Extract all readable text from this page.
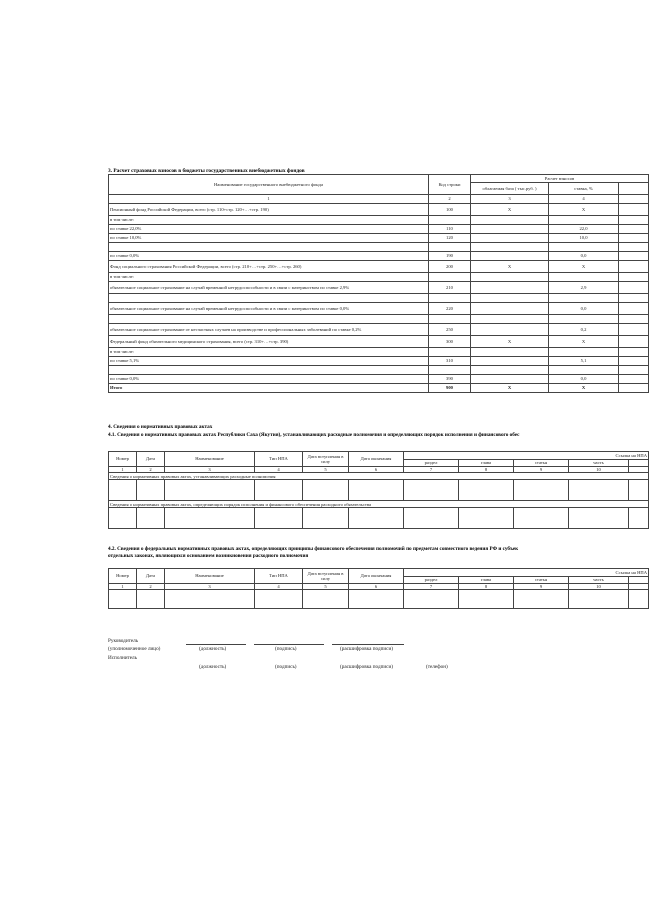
3. Расчет страховых взносов в бюджеты государственных внебюджетных фондов
Наименование государственного внебюджетного фонда	Код строки	Расчет взносов		
		облагаемая база ( тыс.руб. )	ставка, %	
1	2	3	4	
Пенсионный фонд Российской Федерации, всего (стр. 110+стр. 120+…+стр. 190)	100	X	X	
в том числе:				
по ставке 22,0%	110		22,0	
по ставке 10,0%	120		10,0	

по ставке 0,0%	190		0,0	
Фонд социального страхования Российской Федерации, всего (стр. 210+…+стр. 250+…+стр. 260)	200	X	X	
в том числе:				
обязательное социальное страхование на случай временной нетрудоспособности и в связи с материнством по ставке 2,9%	210		2,9	

обязательное социальное страхование на случай временной нетрудоспособности и в связи с материнством по ставке 0,0%	220		0,0	

обязательное социальное страхование от несчастных случаев на производстве и профессиональных заболеваний по ставке 0,2%	250		0,2	
Федеральный фонд обязательного медицинского страхования, всего (стр. 310+…+стр. 390)	300	X	X	
в том числе:				
по ставке 5,1%	310		5,1	

по ставке 0,0%	390		0,0	
Итого	900	X	X	
4. Сведения о нормативных правовых актах
4.1. Сведения о нормативных правовых актах Республики Саха (Якутия), устанавливающих расходные полномочия и определяющих порядок исполнения и финансового обес
Номер	Дата	Наименование	Тип НПА	Дата вступления в силу	Дата окончания	Ссылка на НПА				
						раздел	глава	статья	часть	
1	2	3	4	5	6	7	8	9	10	
Сведения о нормативных правовых актах, устанавливающих расходные полномочия										

Сведения о нормативных правовых актах, определяющих порядок исполнения и финансового обеспечения расходного обязательства										

4.2. Сведения о федеральных нормативных правовых актах, определяющих принципы финансового обеспечения полномочий по предметам совместного ведения РФ и субъек
отдельных законах, являющихся основанием возникновения расходного полномочия
Номер	Дата	Наименование	Тип НПА	Дата вступления в силу	Дата окончания	Ссылка на НПА				
						раздел	глава	статья	часть	
1	2	3	4	5	6	7	8	9	10	

Руководитель
(уполномоченное лицо)	(должность)	(подпись)	(расшифровка подписи)
Исполнитель
(должность)	(подпись)	(расшифровка подписи)	(телефон)
